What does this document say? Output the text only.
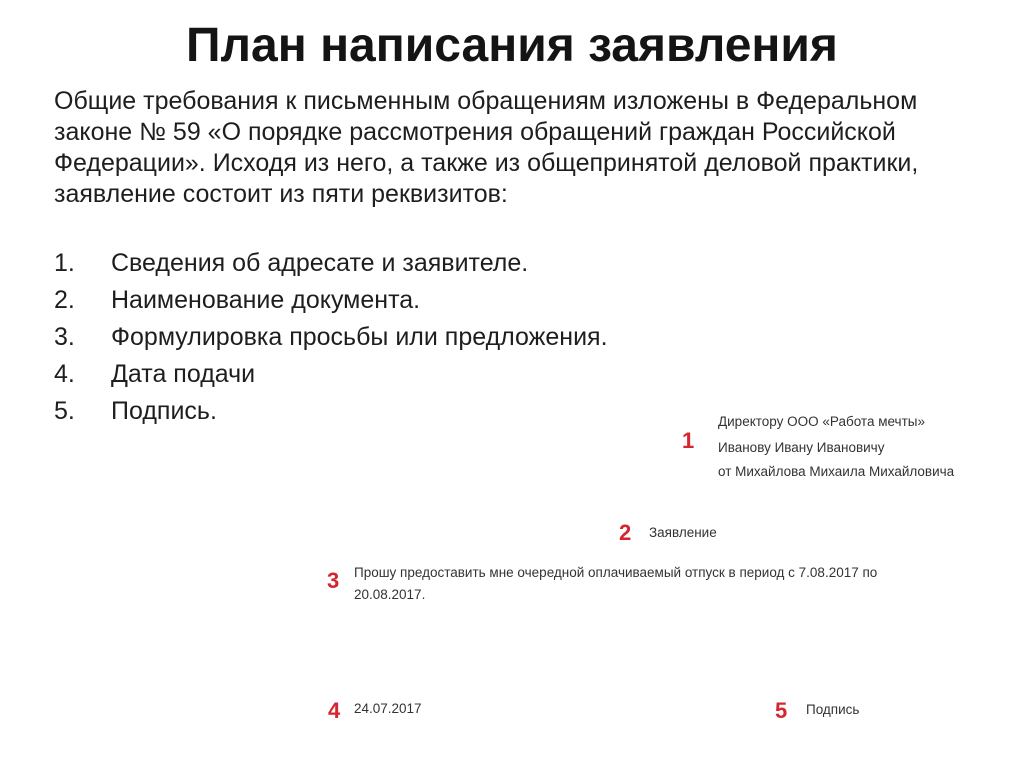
План написания заявления

Общие требования к письменным обращениям изложены в Федеральном законе № 59 «О порядке рассмотрения обращений граждан Российской Федерации». Исходя из него, а также из общепринятой деловой практики, заявление состоит из пяти реквизитов:

1.	Сведения об адресате и заявителе.
2.	Наименование документа.
3.	Формулировка просьбы или предложения.
4.	Дата подачи
5.	Подпись.
1
Директору ООО «Работа мечты»
Иванову Ивану Ивановичу
от Михайлова Михаила Михайловича
2 Заявление
3 Прошу предоставить мне очередной оплачиваемый отпуск в период с 7.08.2017 по
20.08.2017.
4 24.07.2017	5 Подпись
